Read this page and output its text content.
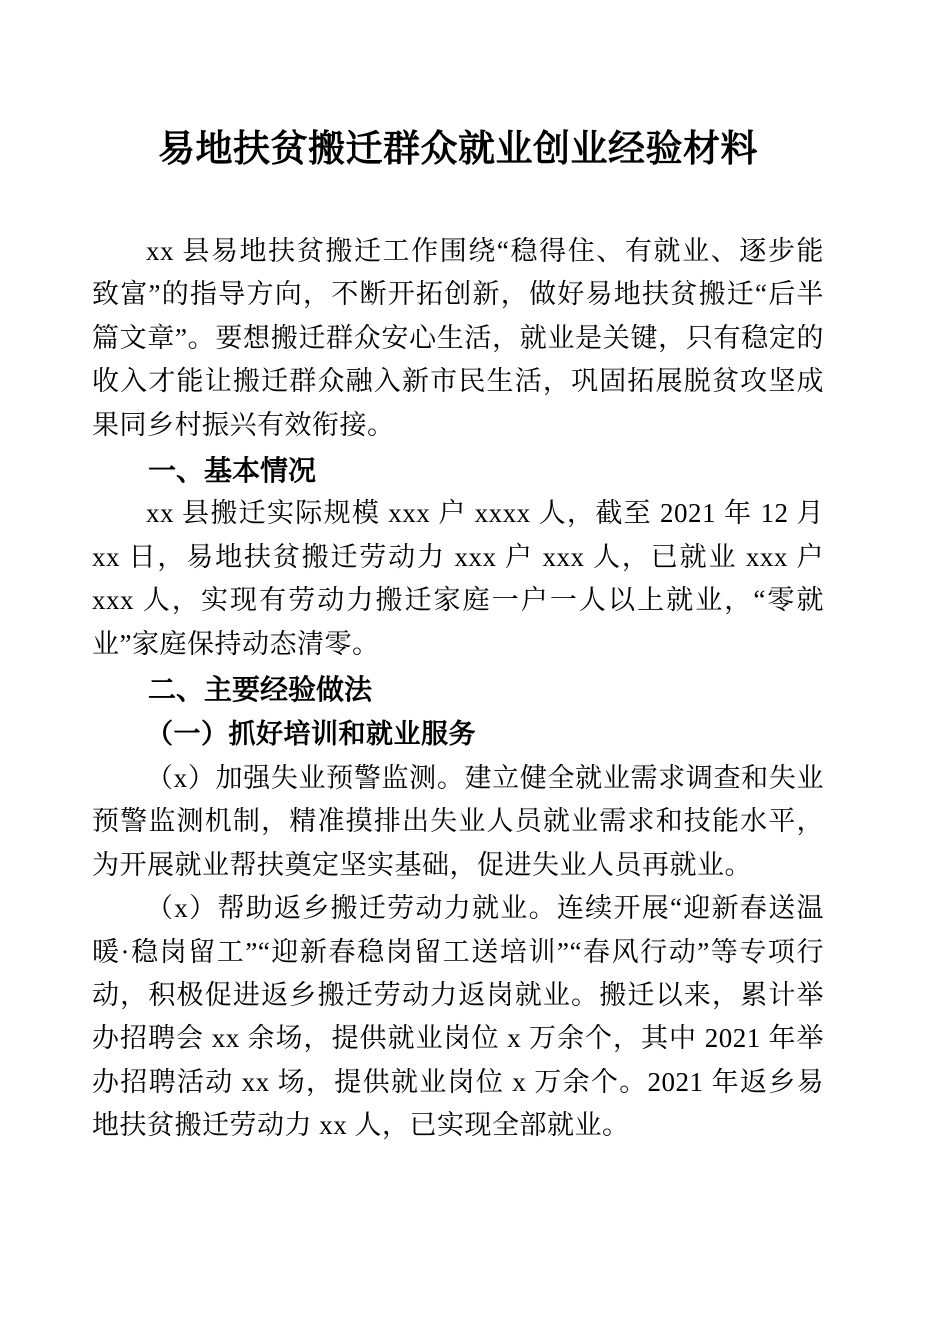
易地扶贫搬迁群众就业创业经验材料

xx 县易地扶贫搬迁工作围绕“稳得住、有就业、逐步能致富”的指导方向，不断开拓创新，做好易地扶贫搬迁“后半篇文章”。要想搬迁群众安心生活，就业是关键，只有稳定的收入才能让搬迁群众融入新市民生活，巩固拓展脱贫攻坚成果同乡村振兴有效衔接。

一、基本情况

xx 县搬迁实际规模 xxx 户 xxxx 人，截至 2021 年 12 月 xx 日，易地扶贫搬迁劳动力 xxx 户 xxx 人，已就业 xxx 户 xxx 人，实现有劳动力搬迁家庭一户一人以上就业，“零就业”家庭保持动态清零。

二、主要经验做法
（一）抓好培训和就业服务

（x）加强失业预警监测。建立健全就业需求调查和失业预警监测机制，精准摸排出失业人员就业需求和技能水平，为开展就业帮扶奠定坚实基础，促进失业人员再就业。

（x）帮助返乡搬迁劳动力就业。连续开展“迎新春送温暖·稳岗留工”“迎新春稳岗留工送培训”“春风行动”等专项行动，积极促进返乡搬迁劳动力返岗就业。搬迁以来，累计举办招聘会 xx 余场，提供就业岗位 x 万余个，其中 2021 年举办招聘活动 xx 场，提供就业岗位 x 万余个。2021 年返乡易地扶贫搬迁劳动力 xx 人，已实现全部就业。
